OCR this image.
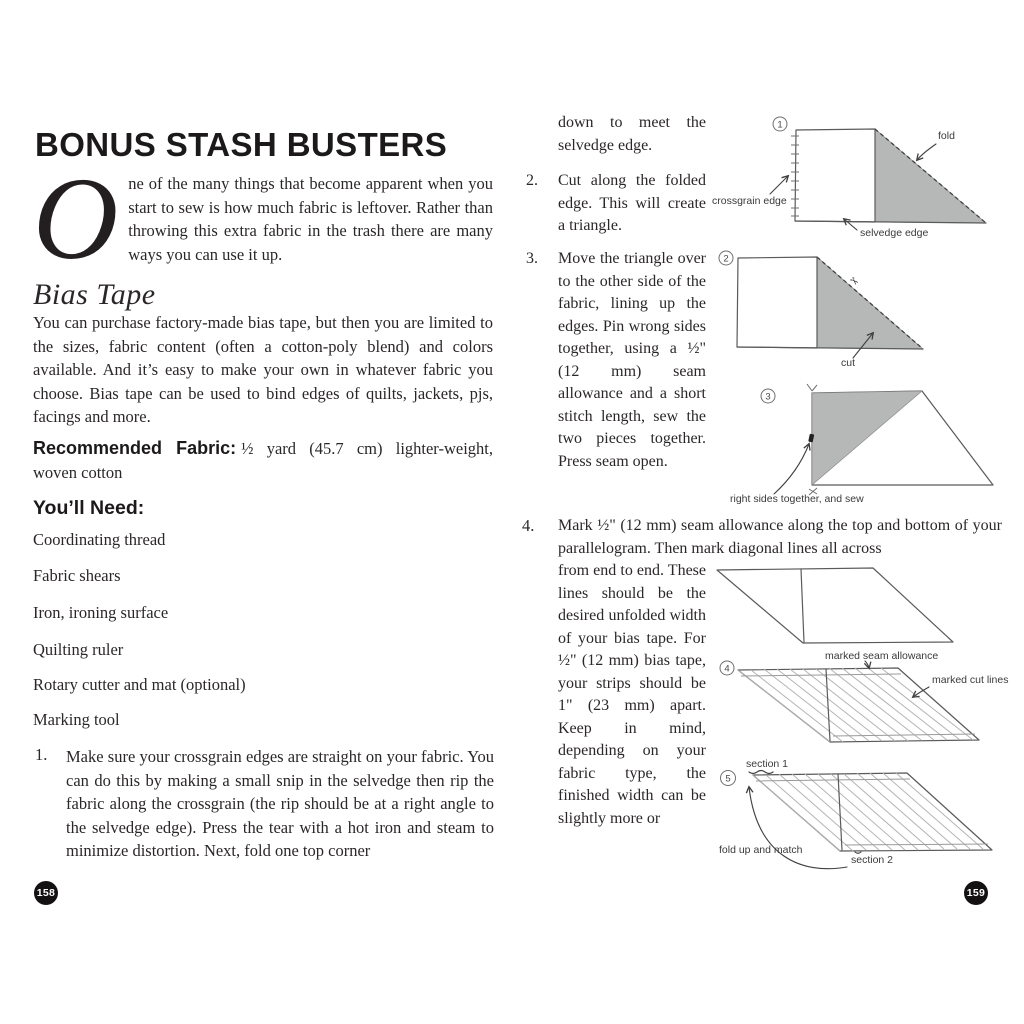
BONUS STASH BUSTERS
One of the many things that become apparent when you start to sew is how much fabric is leftover. Rather than throwing this extra fabric in the trash there are many ways you can use it up.
Bias Tape
You can purchase factory-made bias tape, but then you are limited to the sizes, fabric content (often a cotton-poly blend) and colors available. And it’s easy to make your own in whatever fabric you choose. Bias tape can be used to bind edges of quilts, jackets, pjs, facings and more.
Recommended Fabric: ½ yard (45.7 cm) lighter-weight, woven cotton
You’ll Need:
Coordinating thread
Fabric shears
Iron, ironing surface
Quilting ruler
Rotary cutter and mat (optional)
Marking tool
1. Make sure your crossgrain edges are straight on your fabric. You can do this by making a small snip in the selvedge then rip the fabric along the crossgrain (the rip should be at a right angle to the selvedge edge). Press the tear with a hot iron and steam to minimize distortion. Next, fold one top corner
158
down to meet the selvedge edge.
2. Cut along the folded edge. This will create a triangle.
3. Move the triangle over to the other side of the fabric, lining up the edges. Pin wrong sides together, using a ½" (12 mm) seam allowance and a short stitch length, sew the two pieces together. Press seam open.
4. Mark ½" (12 mm) seam allowance along the top and bottom of your parallelogram. Then mark diagonal lines all across
from end to end. These lines should be the desired unfolded width of your bias tape. For ½" (12 mm) bias tape, your strips should be 1" (23 mm) apart. Keep in mind, depending on your fabric type, the finished width can be slightly more or
1
fold
crossgrain edge
selvedge edge
2
✂
cut
3
right sides together, and sew
4
marked seam allowance
marked cut lines
5
section 1
section 2
fold up and match
159
